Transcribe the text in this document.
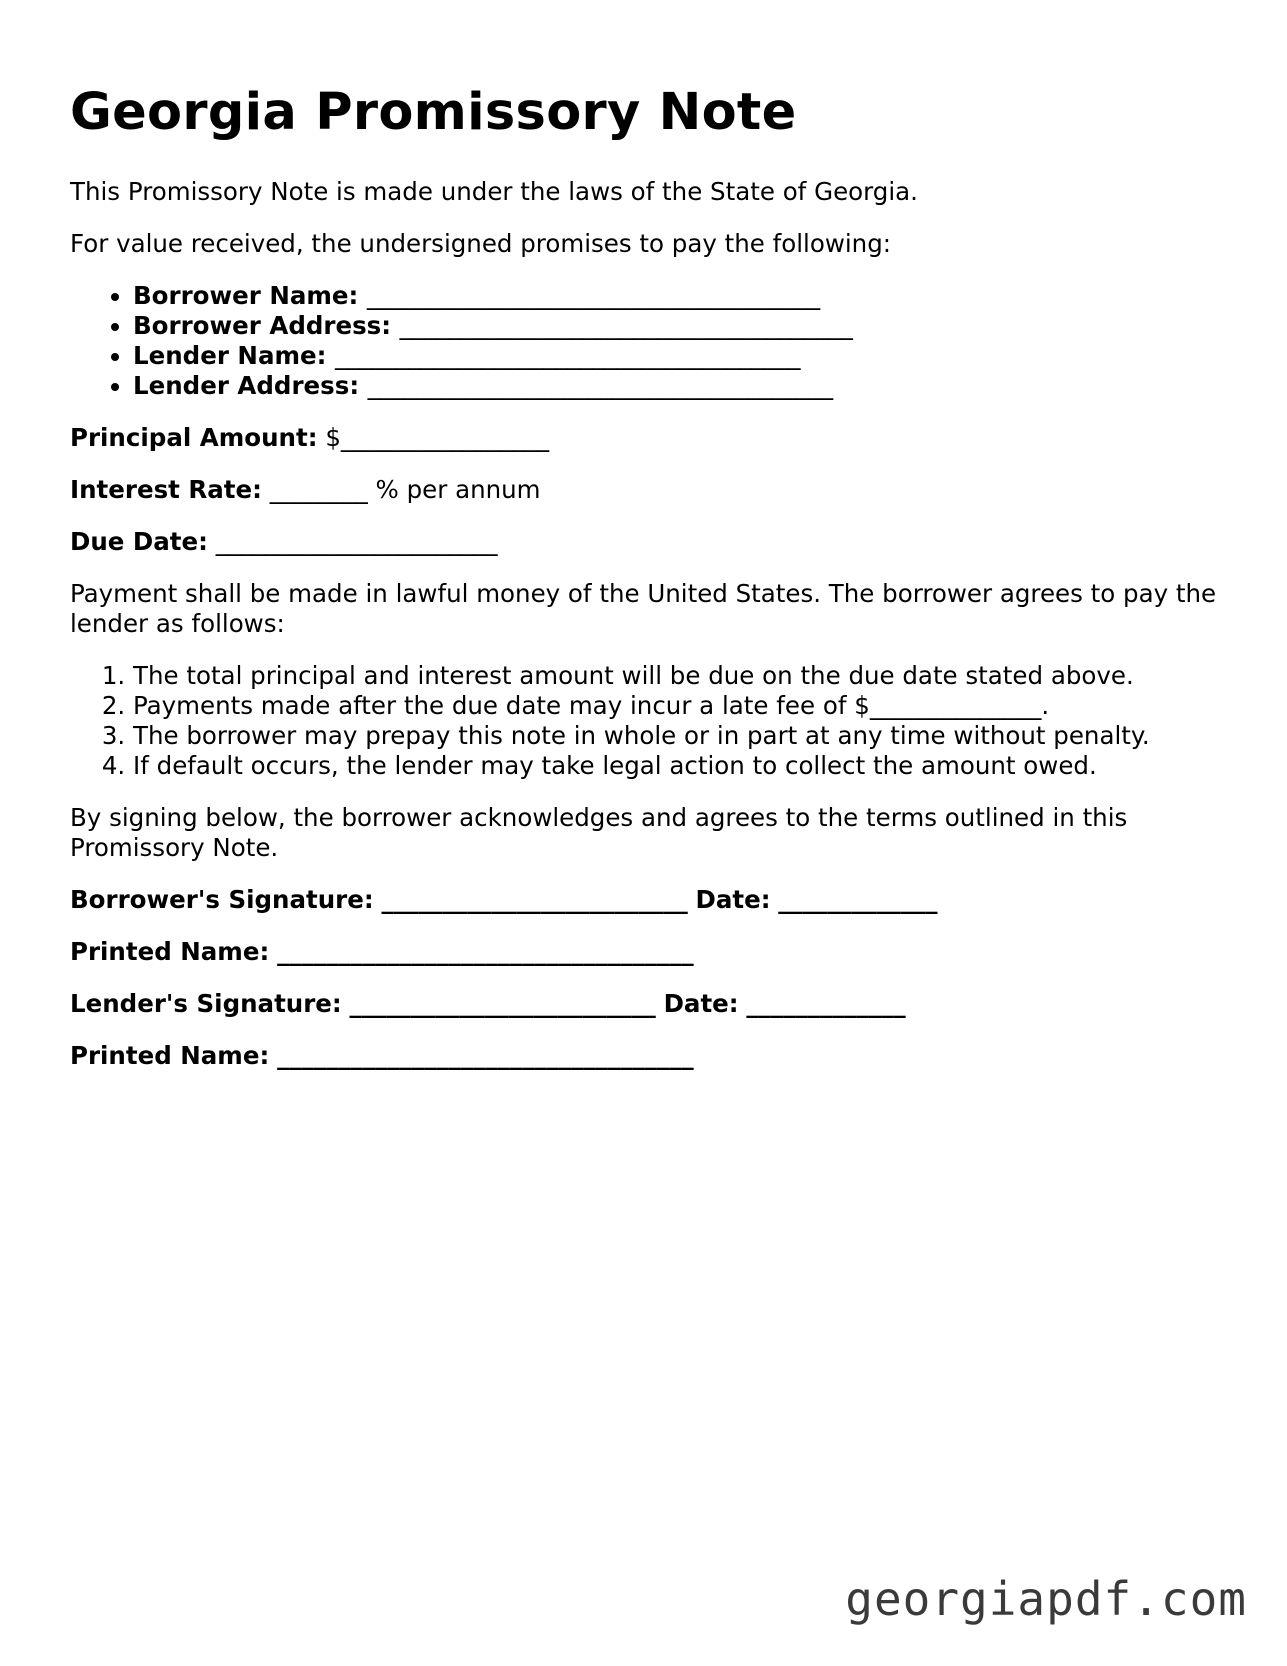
Georgia Promissory Note

This Promissory Note is made under the laws of the State of Georgia.

For value received, the undersigned promises to pay the following:

• Borrower Name: _____________________________________
• Borrower Address: _____________________________________
• Lender Name: ______________________________________
• Lender Address: ______________________________________

Principal Amount: $_________________

Interest Rate: ________ % per annum

Due Date: _______________________

Payment shall be made in lawful money of the United States. The borrower agrees to pay the lender as follows:

1. The total principal and interest amount will be due on the due date stated above.
2. Payments made after the due date may incur a late fee of $______________.
3. The borrower may prepay this note in whole or in part at any time without penalty.
4. If default occurs, the lender may take legal action to collect the amount owed.

By signing below, the borrower acknowledges and agrees to the terms outlined in this Promissory Note.

Borrower's Signature: _________________________ Date: _____________

Printed Name: __________________________________

Lender's Signature: _________________________ Date: _____________

Printed Name: __________________________________

georgiapdf.com
